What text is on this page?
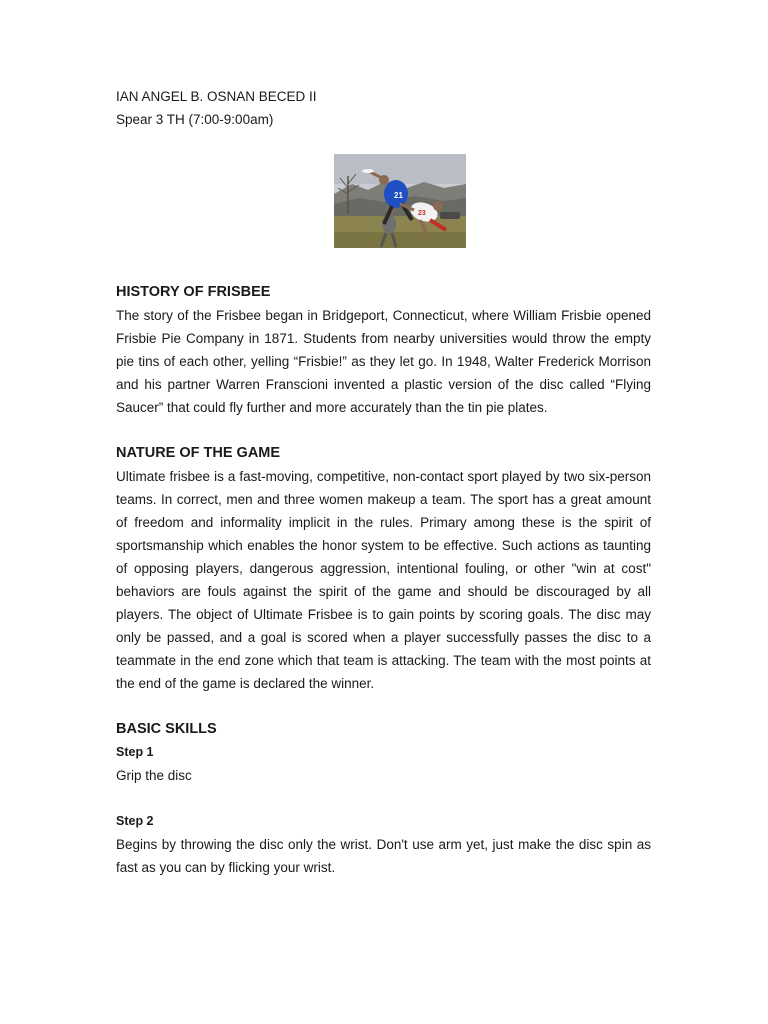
IAN ANGEL B. OSNAN BECED II
Spear 3 TH (7:00-9:00am)
21
23
HISTORY OF FRISBEE

The story of the Frisbee began in Bridgeport, Connecticut, where William Frisbie opened Frisbie Pie Company in 1871. Students from nearby universities would throw the empty pie tins of each other, yelling “Frisbie!” as they let go. In 1948, Walter Frederick Morrison and his partner Warren Franscioni invented a plastic version of the disc called “Flying Saucer” that could fly further and more accurately than the tin pie plates.

NATURE OF THE GAME

Ultimate frisbee is a fast-moving, competitive, non-contact sport played by two six-person teams. In correct, men and three women makeup a team. The sport has a great amount of freedom and informality implicit in the rules. Primary among these is the spirit of sportsmanship which enables the honor system to be effective. Such actions as taunting of opposing players, dangerous aggression, intentional fouling, or other "win at cost" behaviors are fouls against the spirit of the game and should be discouraged by all players. The object of Ultimate Frisbee is to gain points by scoring goals. The disc may only be passed, and a goal is scored when a player successfully passes the disc to a teammate in the end zone which that team is attacking. The team with the most points at the end of the game is declared the winner.

BASIC SKILLS

Step 1

Grip the disc

Step 2

Begins by throwing the disc only the wrist. Don't use arm yet, just make the disc spin as fast as you can by flicking your wrist.
